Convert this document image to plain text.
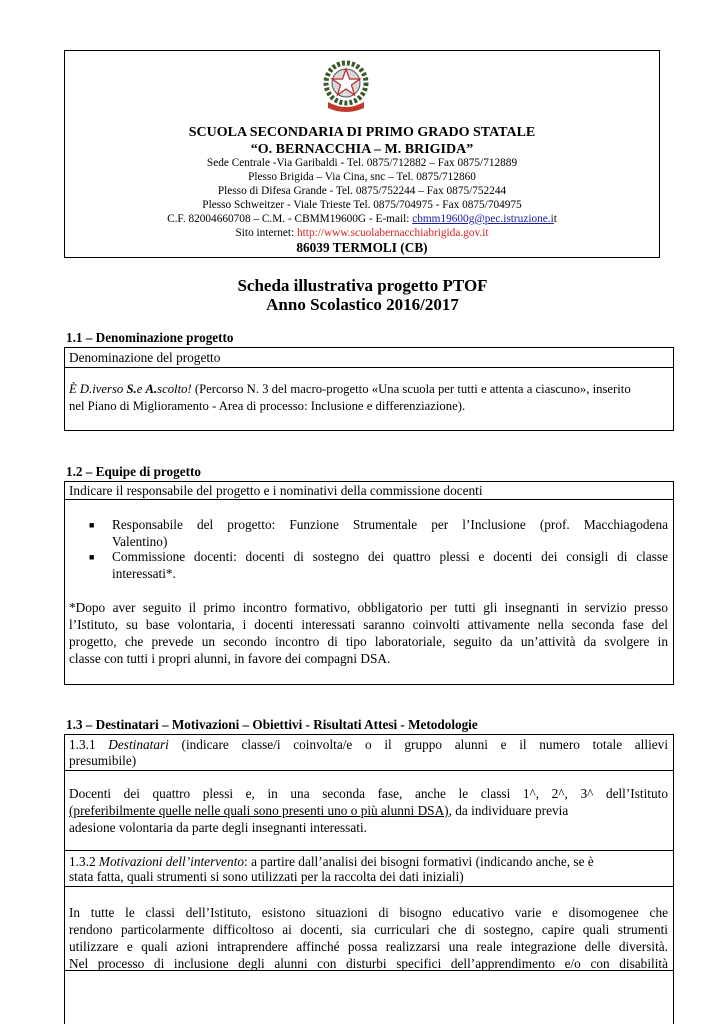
SCUOLA SECONDARIA DI PRIMO GRADO STATALE
“O. BERNACCHIA – M. BRIGIDA”
Sede Centrale -Via Garibaldi - Tel. 0875/712882 – Fax 0875/712889
Plesso Brigida – Via Cina, snc – Tel. 0875/712860
Plesso di Difesa Grande - Tel. 0875/752244 – Fax 0875/752244
Plesso Schweitzer - Viale Trieste Tel. 0875/704975 - Fax 0875/704975
C.F. 82004660708 – C.M. - CBMM19600G - E-mail: cbmm19600g@pec.istruzione.it
Sito internet: http://www.scuolabernacchiabrigida.gov.it
86039 TERMOLI (CB)
Scheda illustrativa progetto PTOF
Anno Scolastico 2016/2017
1.1 – Denominazione progetto
Denominazione del progetto
È D.iverso S.e A.scolto! (Percorso N. 3 del macro-progetto «Una scuola per tutti e attenta a ciascuno», inserito
nel Piano di Miglioramento - Area di processo: Inclusione e differenziazione).
1.2 – Equipe di progetto
Indicare il responsabile del progetto e i nominativi della commissione docenti
■ Responsabile del progetto: Funzione Strumentale per l’Inclusione (prof. Macchiagodena
Valentino)
■ Commissione docenti: docenti di sostegno dei quattro plessi e docenti dei consigli di classe
interessati*.
*Dopo aver seguito il primo incontro formativo, obbligatorio per tutti gli insegnanti in servizio presso
l’Istituto, su base volontaria, i docenti interessati saranno coinvolti attivamente nella seconda fase del
progetto, che prevede un secondo incontro di tipo laboratoriale, seguito da un’attività da svolgere in
classe con tutti i propri alunni, in favore dei compagni DSA.
1.3 – Destinatari – Motivazioni – Obiettivi - Risultati Attesi - Metodologie
1.3.1 Destinatari (indicare classe/i coinvolta/e o il gruppo alunni e il numero totale allievi
presumibile)
Docenti dei quattro plessi e, in una seconda fase, anche le classi 1^, 2^, 3^ dell’Istituto
(preferibilmente quelle nelle quali sono presenti uno o più alunni DSA), da individuare previa
adesione volontaria da parte degli insegnanti interessati.
1.3.2 Motivazioni dell’intervento: a partire dall’analisi dei bisogni formativi (indicando anche, se è
stata fatta, quali strumenti si sono utilizzati per la raccolta dei dati iniziali)
In tutte le classi dell’Istituto, esistono situazioni di bisogno educativo varie e disomogenee che
rendono particolarmente difficoltoso ai docenti, sia curriculari che di sostegno, capire quali strumenti
utilizzare e quali azioni intraprendere affinché possa realizzarsi una reale integrazione delle diversità.
Nel processo di inclusione degli alunni con disturbi specifici dell’apprendimento e/o con disabilità
